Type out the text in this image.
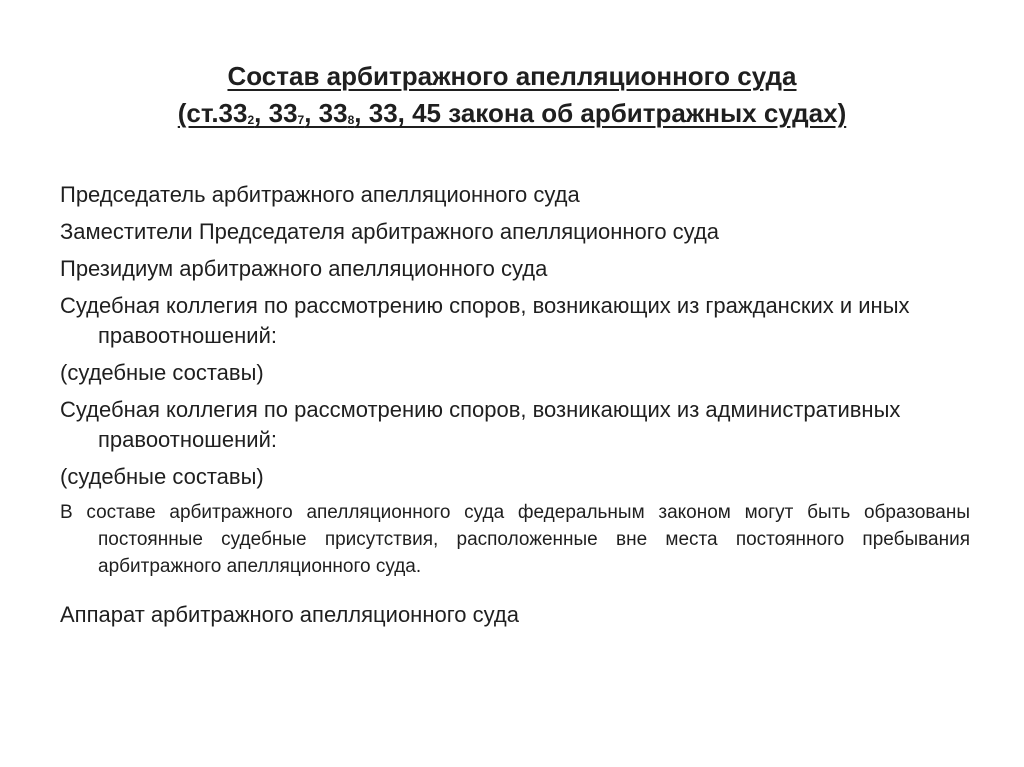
Состав арбитражного апелляционного суда
($ст.33_2$, $33_7$, $33_8$, 33, 45 закона об арбитражных судах)

Председатель арбитражного апелляционного суда

Заместители Председателя арбитражного апелляционного суда

Президиум арбитражного апелляционного суда

Судебная коллегия по рассмотрению споров, возникающих из гражданских и иных правоотношений:

(судебные составы)

Судебная коллегия по рассмотрению споров, возникающих из административных правоотношений:

(судебные составы)

В составе арбитражного апелляционного суда федеральным законом могут быть образованы постоянные судебные присутствия, расположенные вне места постоянного пребывания арбитражного апелляционного суда.

Аппарат арбитражного апелляционного суда
